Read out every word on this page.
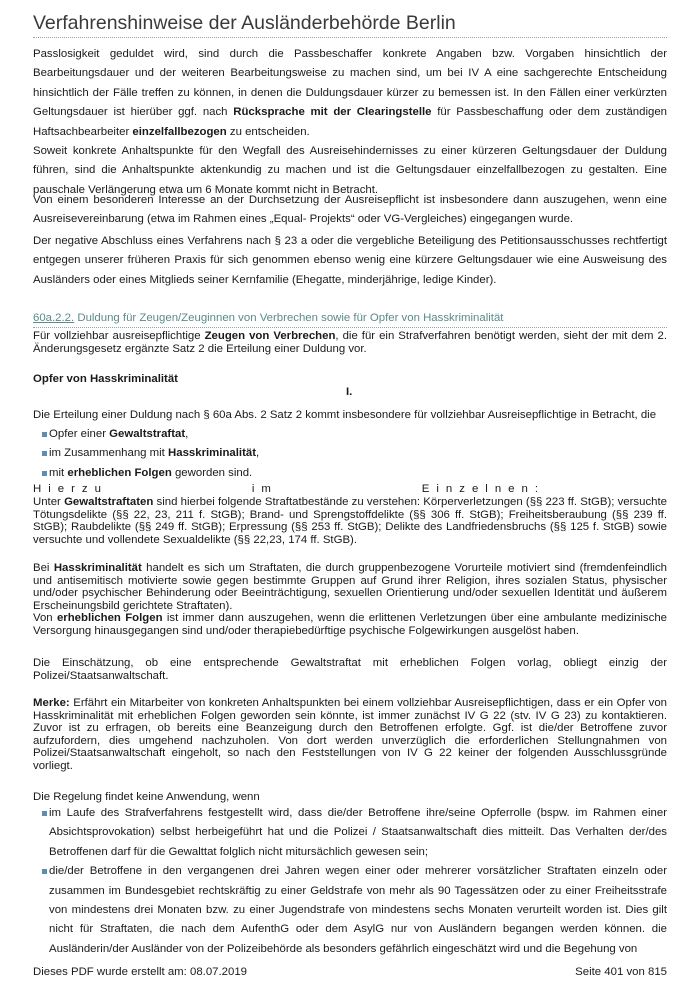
Verfahrenshinweise der Ausländerbehörde Berlin

Passlosigkeit geduldet wird, sind durch die Passbeschaffer konkrete Angaben bzw. Vorgaben hinsichtlich der Bearbeitungsdauer und der weiteren Bearbeitungsweise zu machen sind, um bei IV A eine sachgerechte Entscheidung hinsichtlich der Fälle treffen zu können, in denen die Duldungsdauer kürzer zu bemessen ist. In den Fällen einer verkürzten Geltungsdauer ist hierüber ggf. nach Rücksprache mit der Clearingstelle für Passbeschaffung oder dem zuständigen Haftsachbearbeiter einzelfallbezogen zu entscheiden.

Soweit konkrete Anhaltspunkte für den Wegfall des Ausreisehindernisses zu einer kürzeren Geltungsdauer der Duldung führen, sind die Anhaltspunkte aktenkundig zu machen und ist die Geltungsdauer einzelfallbezogen zu gestalten. Eine pauschale Verlängerung etwa um 6 Monate kommt nicht in Betracht.

Von einem besonderen Interesse an der Durchsetzung der Ausreisepflicht ist insbesondere dann auszugehen, wenn eine Ausreisevereinbarung (etwa im Rahmen eines „Equal- Projekts“ oder VG-Vergleiches) eingegangen wurde.

Der negative Abschluss eines Verfahrens nach § 23 a oder die vergebliche Beteiligung des Petitionsausschusses rechtfertigt entgegen unserer früheren Praxis für sich genommen ebenso wenig eine kürzere Geltungsdauer wie eine Ausweisung des Ausländers oder eines Mitglieds seiner Kernfamilie (Ehegatte, minderjährige, ledige Kinder).

60a.2.2. Duldung für Zeugen/Zeuginnen von Verbrechen sowie für Opfer von Hasskriminalität

Für vollziehbar ausreisepflichtige Zeugen von Verbrechen, die für ein Strafverfahren benötigt werden, sieht der mit dem 2. Änderungsgesetz ergänzte Satz 2 die Erteilung einer Duldung vor.

Opfer von Hasskriminalität

I.

Die Erteilung einer Duldung nach § 60a Abs. 2 Satz 2 kommt insbesondere für vollziehbar Ausreisepflichtige in Betracht, die

Opfer einer Gewaltstraftat,
im Zusammenhang mit Hasskriminalität,
mit erheblichen Folgen geworden sind.
Hierzu	im	Einzelnen:

Unter Gewaltstraftaten sind hierbei folgende Straftatbestände zu verstehen: Körperverletzungen (§§ 223 ff. StGB); versuchte Tötungsdelikte (§§ 22, 23, 211 f. StGB); Brand- und Sprengstoffdelikte (§§ 306 ff. StGB); Freiheitsberaubung (§§ 239 ff. StGB); Raubdelikte (§§ 249 ff. StGB); Erpressung (§§ 253 ff. StGB); Delikte des Landfriedensbruchs (§§ 125 f. StGB) sowie versuchte und vollendete Sexualdelikte (§§ 22,23, 174 ff. StGB).

Bei Hasskriminalität handelt es sich um Straftaten, die durch gruppenbezogene Vorurteile motiviert sind (fremdenfeindlich und antisemitisch motivierte sowie gegen bestimmte Gruppen auf Grund ihrer Religion, ihres sozialen Status, physischer und/oder psychischer Behinderung oder Beeinträchtigung, sexuellen Orientierung und/oder sexuellen Identität und äußerem Erscheinungsbild gerichtete Straftaten).

Von erheblichen Folgen ist immer dann auszugehen, wenn die erlittenen Verletzungen über eine ambulante medizinische Versorgung hinausgegangen sind und/oder therapiebedürftige psychische Folgewirkungen ausgelöst haben.

Die Einschätzung, ob eine entsprechende Gewaltstraftat mit erheblichen Folgen vorlag, obliegt einzig der Polizei/Staatsanwaltschaft.

Merke: Erfährt ein Mitarbeiter von konkreten Anhaltspunkten bei einem vollziehbar Ausreisepflichtigen, dass er ein Opfer von Hasskriminalität mit erheblichen Folgen geworden sein könnte, ist immer zunächst IV G 22 (stv. IV G 23) zu kontaktieren. Zuvor ist zu erfragen, ob bereits eine Beanzeigung durch den Betroffenen erfolgte. Ggf. ist die/der Betroffene zuvor aufzufordern, dies umgehend nachzuholen. Von dort werden unverzüglich die erforderlichen Stellungnahmen von Polizei/Staatsanwaltschaft eingeholt, so nach den Feststellungen von IV G 22 keiner der folgenden Ausschlussgründe vorliegt.

Die Regelung findet keine Anwendung, wenn

im Laufe des Strafverfahrens festgestellt wird, dass die/der Betroffene ihre/seine Opferrolle (bspw. im Rahmen einer Absichtsprovokation) selbst herbeigeführt hat und die Polizei / Staatsanwaltschaft dies mitteilt. Das Verhalten der/des Betroffenen darf für die Gewalttat folglich nicht mitursächlich gewesen sein;
die/der Betroffene in den vergangenen drei Jahren wegen einer oder mehrerer vorsätzlicher Straftaten einzeln oder zusammen im Bundesgebiet rechtskräftig zu einer Geldstrafe von mehr als 90 Tagessätzen oder zu einer Freiheitsstrafe von mindestens drei Monaten bzw. zu einer Jugendstrafe von mindestens sechs Monaten verurteilt worden ist. Dies gilt nicht für Straftaten, die nach dem AufenthG oder dem AsylG nur von Ausländern begangen werden können. die Ausländerin/der Ausländer von der Polizeibehörde als besonders gefährlich eingeschätzt wird und die Begehung von
Dieses PDF wurde erstellt am: 08.07.2019	Seite 401 von 815
